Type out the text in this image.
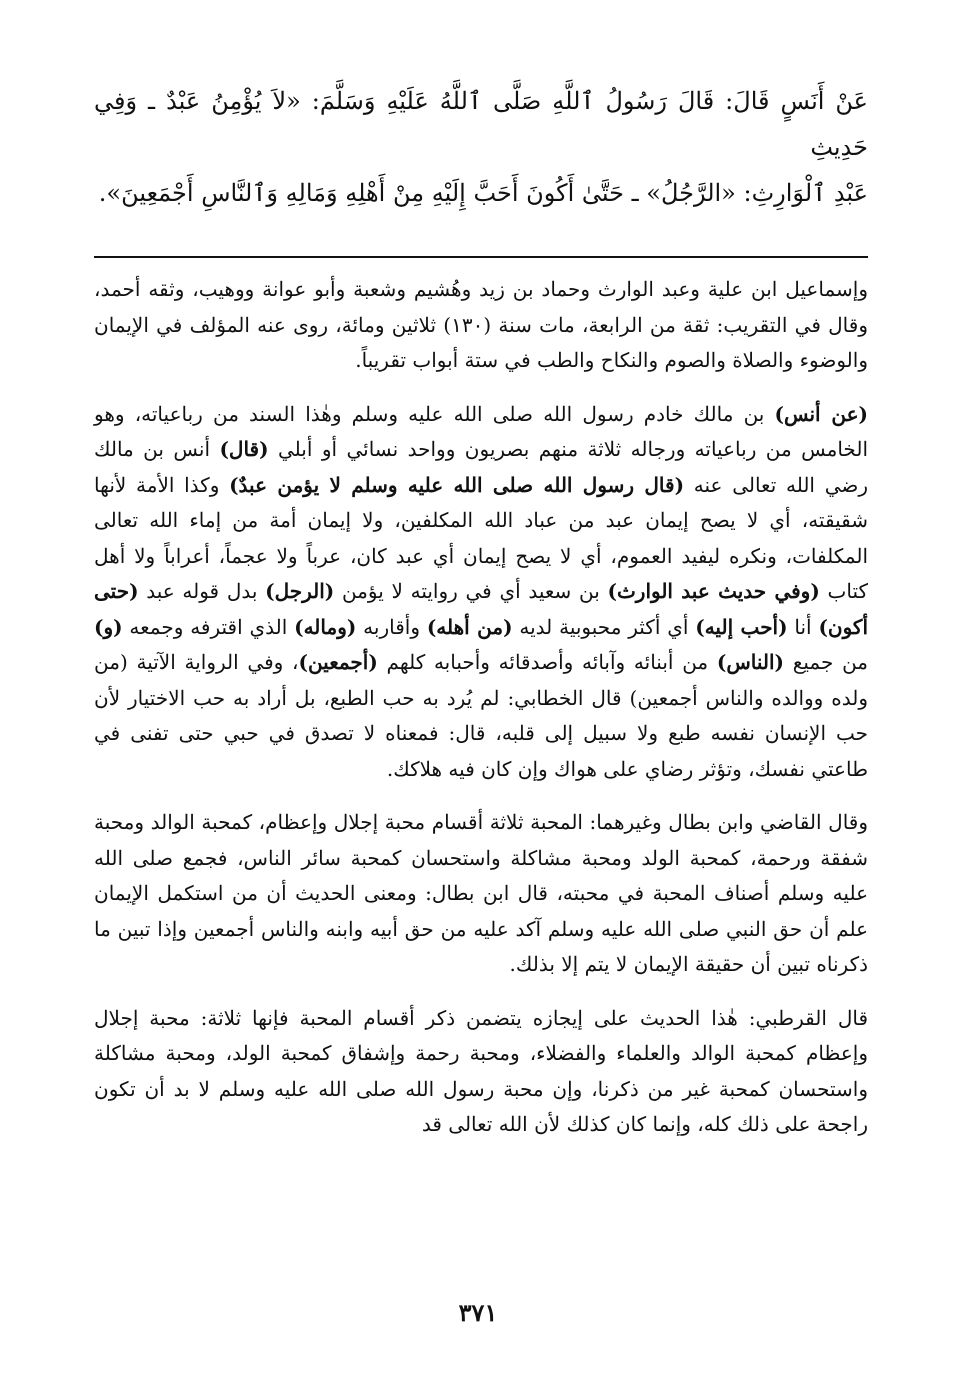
عَنْ أَنَسٍ قَالَ: قَالَ رَسُولُ ٱللَّهِ صَلَّى ٱللَّهُ عَلَيْهِ وَسَلَّمَ: «لاَ يُؤْمِنُ عَبْدٌ ـ وَفِي حَدِيثِ
عَبْدِ ٱلْوَارِثِ: «الرَّجُلُ» ـ حَتَّىٰ أَكُونَ أَحَبَّ إِلَيْهِ مِنْ أَهْلِهِ وَمَالِهِ وَٱلنَّاسِ أَجْمَعِينَ».

وإسماعيل ابن علية وعبد الوارث وحماد بن زيد وهُشيم وشعبة وأبو عوانة ووهيب، وثقه أحمد، وقال في التقريب: ثقة من الرابعة، مات سنة (١٣٠) ثلاثين ومائة، روى عنه المؤلف في الإيمان والوضوء والصلاة والصوم والنكاح والطب في ستة أبواب تقريباً.

(عن أنس) بن مالك خادم رسول الله صلى الله عليه وسلم وهٰذا السند من رباعياته، وهو الخامس من رباعياته ورجاله ثلاثة منهم بصريون وواحد نسائي أو أبلي (قال) أنس بن مالك رضي الله تعالى عنه (قال رسول الله صلى الله عليه وسلم لا يؤمن عبدٌ) وكذا الأمة لأنها شقيقته، أي لا يصح إيمان عبد من عباد الله المكلفين، ولا إيمان أمة من إماء الله تعالى المكلفات، ونكره ليفيد العموم، أي لا يصح إيمان أي عبد كان، عرباً ولا عجماً، أعراباً ولا أهل كتاب (وفي حديث عبد الوارث) بن سعيد أي في روايته لا يؤمن (الرجل) بدل قوله عبد (حتى أكون) أنا (أحب إليه) أي أكثر محبوبية لديه (من أهله) وأقاربه (وماله) الذي اقترفه وجمعه (و) من جميع (الناس) من أبنائه وآبائه وأصدقائه وأحبابه كلهم (أجمعين)، وفي الرواية الآتية (من ولده ووالده والناس أجمعين) قال الخطابي: لم يُرد به حب الطبع، بل أراد به حب الاختيار لأن حب الإنسان نفسه طبع ولا سبيل إلى قلبه، قال: فمعناه لا تصدق في حبي حتى تفنى في طاعتي نفسك، وتؤثر رضاي على هواك وإن كان فيه هلاكك.

وقال القاضي وابن بطال وغيرهما: المحبة ثلاثة أقسام محبة إجلال وإعظام، كمحبة الوالد ومحبة شفقة ورحمة، كمحبة الولد ومحبة مشاكلة واستحسان كمحبة سائر الناس، فجمع صلى الله عليه وسلم أصناف المحبة في محبته، قال ابن بطال: ومعنى الحديث أن من استكمل الإيمان علم أن حق النبي صلى الله عليه وسلم آكد عليه من حق أبيه وابنه والناس أجمعين وإذا تبين ما ذكرناه تبين أن حقيقة الإيمان لا يتم إلا بذلك.

قال القرطبي: هٰذا الحديث على إيجازه يتضمن ذكر أقسام المحبة فإنها ثلاثة: محبة إجلال وإعظام كمحبة الوالد والعلماء والفضلاء، ومحبة رحمة وإشفاق كمحبة الولد، ومحبة مشاكلة واستحسان كمحبة غير من ذكرنا، وإن محبة رسول الله صلى الله عليه وسلم لا بد أن تكون راجحة على ذلك كله، وإنما كان كذلك لأن الله تعالى قد

٣٧١
